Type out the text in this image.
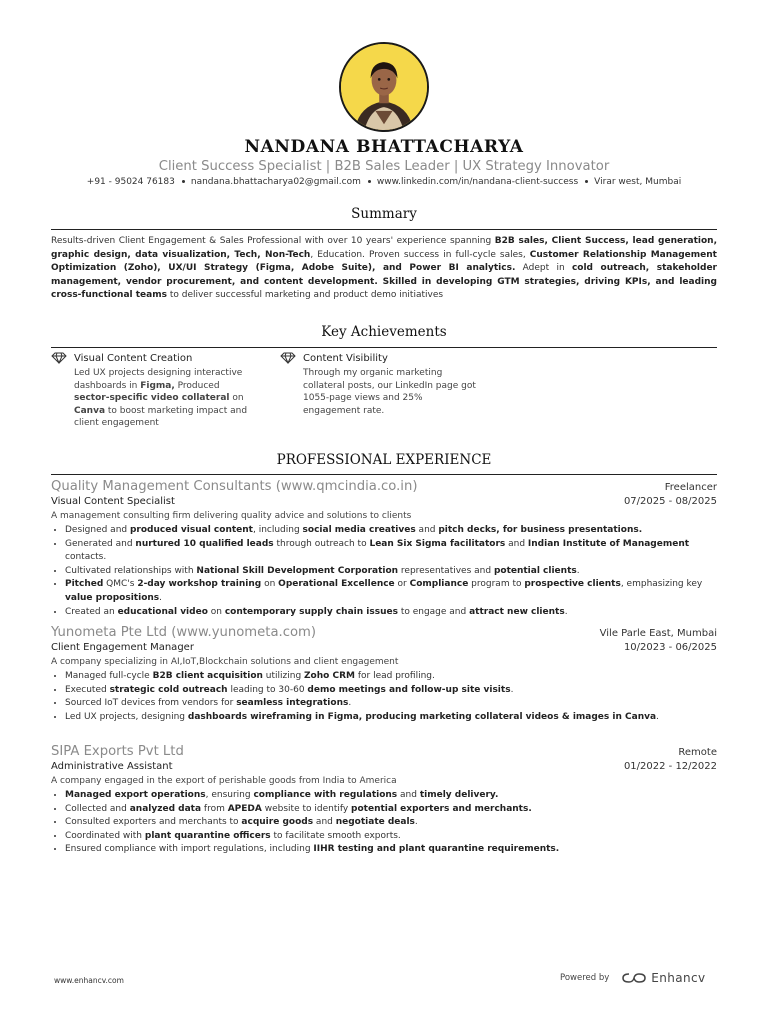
NANDANA BHATTACHARYA
Client Success Specialist | B2B Sales Leader | UX Strategy Innovator
+91 - 95024 76183 nandana.bhattacharya02@gmail.com www.linkedin.com/in/nandana-client-success Virar west, Mumbai
Summary
Results-driven Client Engagement & Sales Professional with over 10 years' experience spanning B2B sales, Client Success, lead generation, graphic design, data visualization, Tech, Non-Tech, Education. Proven success in full-cycle sales, Customer Relationship Management Optimization (Zoho), UX/UI Strategy (Figma, Adobe Suite), and Power BI analytics. Adept in cold outreach, stakeholder management, vendor procurement, and content development. Skilled in developing GTM strategies, driving KPIs, and leading cross-functional teams to deliver successful marketing and product demo initiatives
Key Achievements
Visual Content Creation
Led UX projects designing interactive dashboards in Figma, Produced sector-specific video collateral on Canva to boost marketing impact and client engagement
Content Visibility
Through my organic marketing collateral posts, our LinkedIn page got 1055-page views and 25% engagement rate.
PROFESSIONAL EXPERIENCE
Quality Management Consultants (www.qmcindia.co.in)	Freelancer
Visual Content Specialist	07/2025 - 08/2025
A management consulting firm delivering quality advice and solutions to clients
• Designed and produced visual content, including social media creatives and pitch decks, for business presentations.
• Generated and nurtured 10 qualified leads through outreach to Lean Six Sigma facilitators and Indian Institute of Management contacts.
• Cultivated relationships with National Skill Development Corporation representatives and potential clients.
• Pitched QMC's 2-day workshop training on Operational Excellence or Compliance program to prospective clients, emphasizing key value propositions.
• Created an educational video on contemporary supply chain issues to engage and attract new clients.
Yunometa Pte Ltd (www.yunometa.com)	Vile Parle East, Mumbai
Client Engagement Manager	10/2023 - 06/2025
A company specializing in AI,IoT,Blockchain solutions and client engagement
• Managed full-cycle B2B client acquisition utilizing Zoho CRM for lead profiling.
• Executed strategic cold outreach leading to 30-60 demo meetings and follow-up site visits.
• Sourced IoT devices from vendors for seamless integrations.
• Led UX projects, designing dashboards wireframing in Figma, producing marketing collateral videos & images in Canva.
SIPA Exports Pvt Ltd	Remote
Administrative Assistant	01/2022 - 12/2022
A company engaged in the export of perishable goods from India to America
• Managed export operations, ensuring compliance with regulations and timely delivery.
• Collected and analyzed data from APEDA website to identify potential exporters and merchants.
• Consulted exporters and merchants to acquire goods and negotiate deals.
• Coordinated with plant quarantine officers to facilitate smooth exports.
• Ensured compliance with import regulations, including IIHR testing and plant quarantine requirements.
www.enhancv.com	Powered by	Enhancv
